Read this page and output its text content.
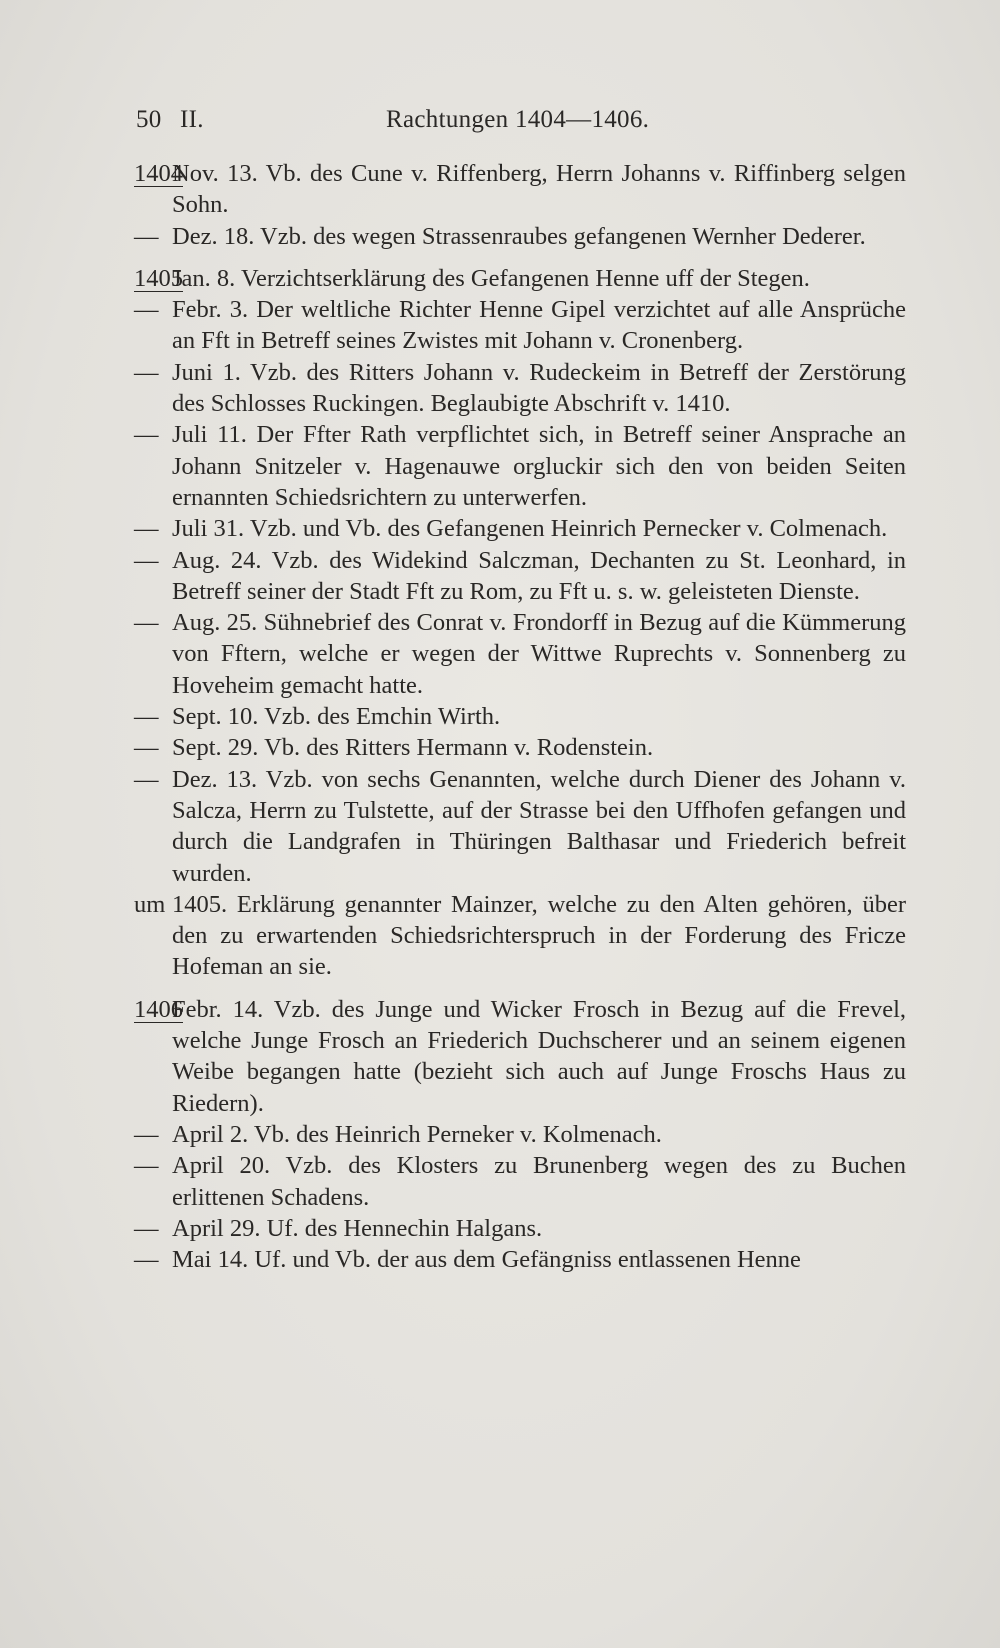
50 II.	Rachtungen 1404—1406.
1404Nov. 13. Vb. des Cune v. Riffenberg, Herrn Johanns v. Riffinberg selgen Sohn.
— Dez. 18. Vzb. des wegen Strassenraubes gefangenen Wernher Dederer.
1405Jan. 8. Verzichtserklärung des Gefangenen Henne uff der Stegen.
— Febr. 3. Der weltliche Richter Henne Gipel verzichtet auf alle Ansprüche an Fft in Betreff seines Zwistes mit Johann v. Cronenberg.
— Juni 1. Vzb. des Ritters Johann v. Rudeckeim in Betreff der Zerstörung des Schlosses Ruckingen. Beglaubigte Abschrift v. 1410.
— Juli 11. Der Ffter Rath verpflichtet sich, in Betreff seiner Ansprache an Johann Snitzeler v. Hagenauwe orgluckir sich den von beiden Seiten ernannten Schiedsrichtern zu unterwerfen.
— Juli 31. Vzb. und Vb. des Gefangenen Heinrich Pernecker v. Colmenach.
— Aug. 24. Vzb. des Widekind Salczman, Dechanten zu St. Leonhard, in Betreff seiner der Stadt Fft zu Rom, zu Fft u. s. w. geleisteten Dienste.
— Aug. 25. Sühnebrief des Conrat v. Frondorff in Bezug auf die Kümmerung von Fftern, welche er wegen der Wittwe Ruprechts v. Sonnenberg zu Hoveheim gemacht hatte.
— Sept. 10. Vzb. des Emchin Wirth.
— Sept. 29. Vb. des Ritters Hermann v. Rodenstein.
— Dez. 13. Vzb. von sechs Genannten, welche durch Diener des Johann v. Salcza, Herrn zu Tulstette, auf der Strasse bei den Uffhofen gefangen und durch die Landgrafen in Thüringen Balthasar und Friederich befreit wurden.
um 1405. Erklärung genannter Mainzer, welche zu den Alten gehören, über den zu erwartenden Schiedsrichterspruch in der Forderung des Fricze Hofeman an sie.
1406Febr. 14. Vzb. des Junge und Wicker Frosch in Bezug auf die Frevel, welche Junge Frosch an Friederich Duchscherer und an seinem eigenen Weibe begangen hatte (bezieht sich auch auf Junge Froschs Haus zu Riedern).
— April 2. Vb. des Heinrich Perneker v. Kolmenach.
— April 20. Vzb. des Klosters zu Brunenberg wegen des zu Buchen erlittenen Schadens.
— April 29. Uf. des Hennechin Halgans.
— Mai 14. Uf. und Vb. der aus dem Gefängniss entlassenen Henne
